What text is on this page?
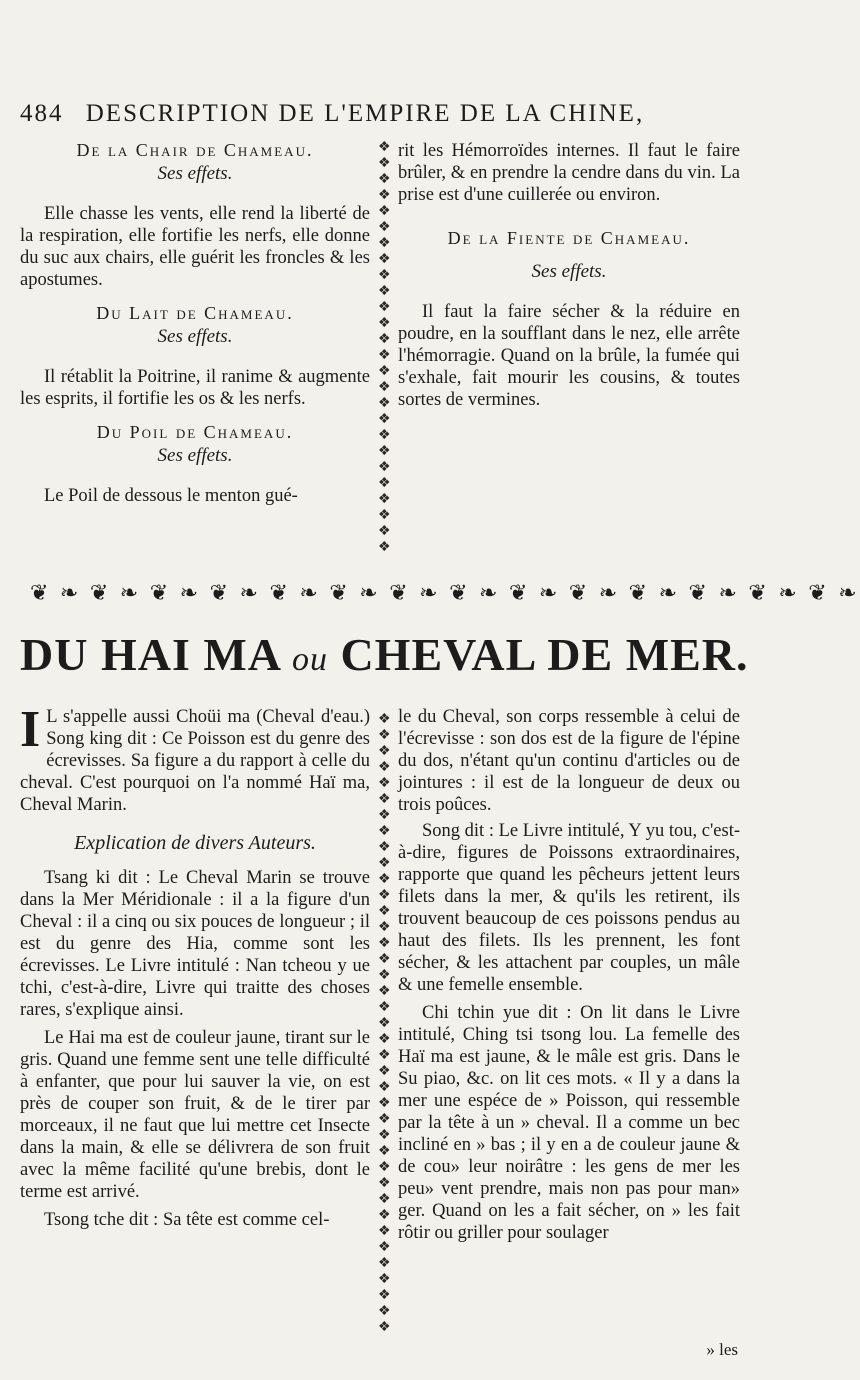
484 DESCRIPTION DE L'EMPIRE DE LA CHINE,
De la Chair de Chameau.
Ses effets.

Elle chasse les vents, elle rend la liberté de la respiration, elle fortifie les nerfs, elle donne du suc aux chairs, elle guérit les froncles & les apostumes.

Du Lait de Chameau.
Ses effets.

Il rétablit la Poitrine, il ranime & augmente les esprits, il fortifie les os & les nerfs.

Du Poil de Chameau.
Ses effets.

Le Poil de dessous le menton gué-

❖
❖
❖
❖
❖
❖
❖
❖
❖
❖
❖
❖
❖
❖
❖
❖
❖
❖
❖
❖
❖
❖
❖
❖
❖
❖

rit les Hémorroïdes internes. Il faut le faire brûler, & en prendre la cendre dans du vin. La prise est d'une cuillerée ou environ.

De la Fiente de Chameau.
Ses effets.

Il faut la faire sécher & la réduire en poudre, en la soufflant dans le nez, elle arrête l'hémorragie. Quand on la brûle, la fumée qui s'exhale, fait mourir les cousins, & toutes sortes de vermines.

❦ ❧ ❦ ❧ ❦ ❧ ❦ ❧ ❦ ❧ ❦ ❧ ❦ ❧ ❦ ❧ ❦ ❧ ❦ ❧ ❦ ❧ ❦ ❧ ❦ ❧ ❦ ❧
DU HAI MA ou CHEVAL DE MER.

I L s'appelle aussi Choüi ma (Cheval d'eau.) Song king dit : Ce Poisson est du genre des écrevisses. Sa figure a du rapport à celle du cheval. C'est pourquoi on l'a nommé Haï ma, Cheval Marin.

Explication de divers Auteurs.

Tsang ki dit : Le Cheval Marin se trouve dans la Mer Méridionale : il a la figure d'un Cheval : il a cinq ou six pouces de longueur ; il est du genre des Hia, comme sont les écrevisses. Le Livre intitulé : Nan tcheou y ue tchi, c'est-à-dire, Livre qui traitte des choses rares, s'explique ainsi.

Le Hai ma est de couleur jaune, tirant sur le gris. Quand une femme sent une telle difficulté à enfanter, que pour lui sauver la vie, on est près de couper son fruit, & de le tirer par morceaux, il ne faut que lui mettre cet Insecte dans la main, & elle se délivrera de son fruit avec la même facilité qu'une brebis, dont le terme est arrivé.

Tsong tche dit : Sa tête est comme cel-

❖
❖
❖
❖
❖
❖
❖
❖
❖
❖
❖
❖
❖
❖
❖
❖
❖
❖
❖
❖
❖
❖
❖
❖
❖
❖
❖
❖
❖
❖
❖
❖
❖
❖
❖
❖
❖
❖
❖

le du Cheval, son corps ressemble à celui de l'écrevisse : son dos est de la figure de l'épine du dos, n'étant qu'un continu d'articles ou de jointures : il est de la longueur de deux ou trois poûces.

Song dit : Le Livre intitulé, Y yu tou, c'est-à-dire, figures de Poissons extraordinaires, rapporte que quand les pêcheurs jettent leurs filets dans la mer, & qu'ils les retirent, ils trouvent beaucoup de ces poissons pendus au haut des filets. Ils les prennent, les font sécher, & les attachent par couples, un mâle & une femelle ensemble.

Chi tchin yue dit : On lit dans le Livre intitulé, Ching tsi tsong lou. La femelle des Haï ma est jaune, & le mâle est gris. Dans le Su piao, &c. on lit ces mots. « Il y a dans la mer une espéce de » Poisson, qui ressemble par la tête à un » cheval. Il a comme un bec incliné en » bas ; il y en a de couleur jaune & de cou» leur noirâtre : les gens de mer les peu» vent prendre, mais non pas pour man» ger. Quand on les a fait sécher, on » les fait rôtir ou griller pour soulager

» les
